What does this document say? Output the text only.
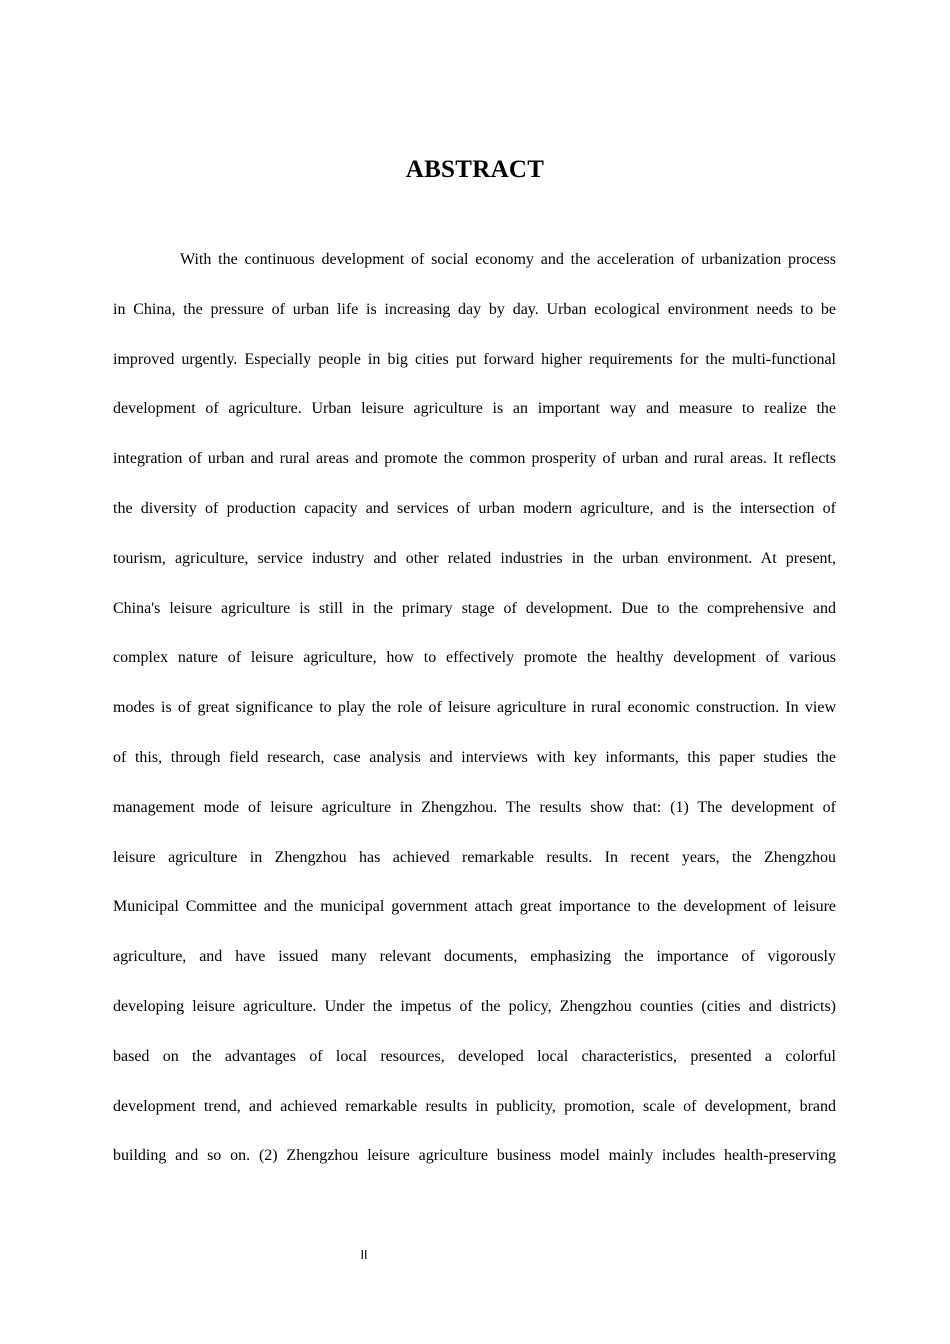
ABSTRACT
With the continuous development of social economy and the acceleration of urbanization process
in China, the pressure of urban life is increasing day by day. Urban ecological environment needs to be
improved urgently. Especially people in big cities put forward higher requirements for the multi-functional
development of agriculture. Urban leisure agriculture is an important way and measure to realize the
integration of urban and rural areas and promote the common prosperity of urban and rural areas. It reflects
the diversity of production capacity and services of urban modern agriculture, and is the intersection of
tourism, agriculture, service industry and other related industries in the urban environment. At present,
China's leisure agriculture is still in the primary stage of development. Due to the comprehensive and
complex nature of leisure agriculture, how to effectively promote the healthy development of various
modes is of great significance to play the role of leisure agriculture in rural economic construction. In view
of this, through field research, case analysis and interviews with key informants, this paper studies the
management mode of leisure agriculture in Zhengzhou. The results show that: (1) The development of
leisure agriculture in Zhengzhou has achieved remarkable results. In recent years, the Zhengzhou
Municipal Committee and the municipal government attach great importance to the development of leisure
agriculture, and have issued many relevant documents, emphasizing the importance of vigorously
developing leisure agriculture. Under the impetus of the policy, Zhengzhou counties (cities and districts)
based on the advantages of local resources, developed local characteristics, presented a colorful
development trend, and achieved remarkable results in publicity, promotion, scale of development, brand
building and so on. (2) Zhengzhou leisure agriculture business model mainly includes health-preserving
II
